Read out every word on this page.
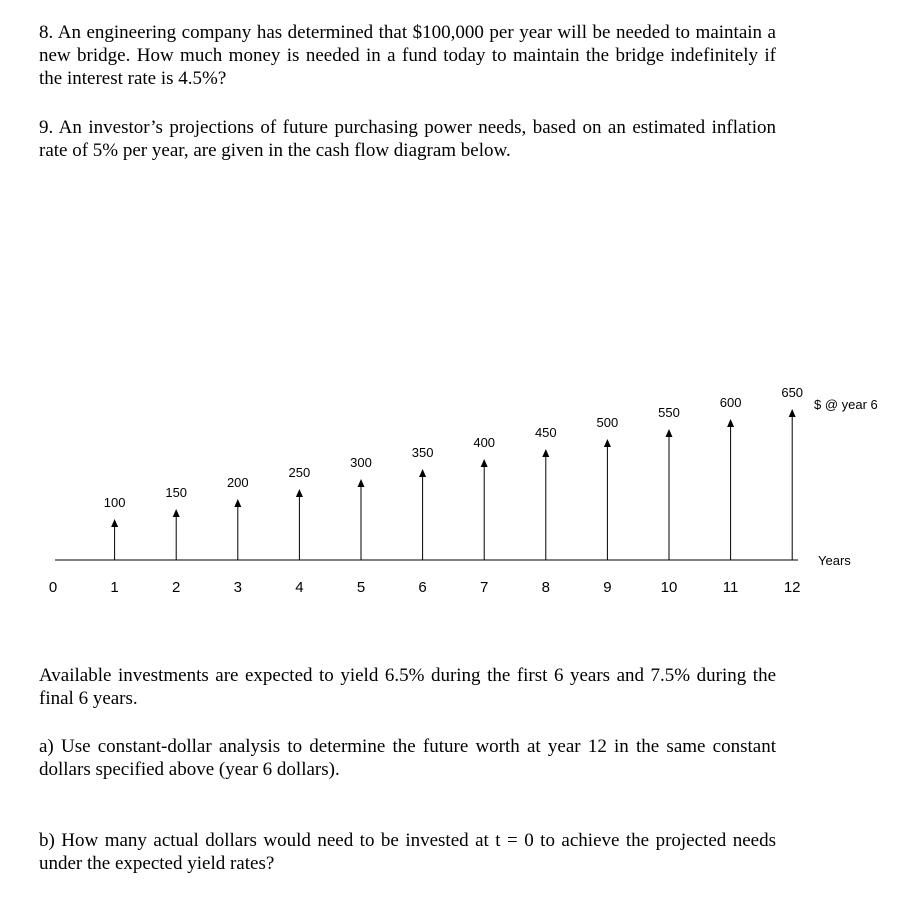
8. An engineering company has determined that $100,000 per year will be needed to maintain a new bridge. How much money is needed in a fund today to maintain the bridge indefinitely if the interest rate is 4.5%?

9. An investor’s projections of future purchasing power needs, based on an estimated inflation rate of 5% per year, are given in the cash flow diagram below.

100
150
200
250
300
350
400
450
500
550
600
650
0	1	2	3	4	5	6	7	8	9	10	11	12
Years
$ @ year 6

Available investments are expected to yield 6.5% during the first 6 years and 7.5% during the final 6 years.

a) Use constant-dollar analysis to determine the future worth at year 12 in the same constant dollars specified above (year 6 dollars).

b) How many actual dollars would need to be invested at t = 0 to achieve the projected needs under the expected yield rates?
